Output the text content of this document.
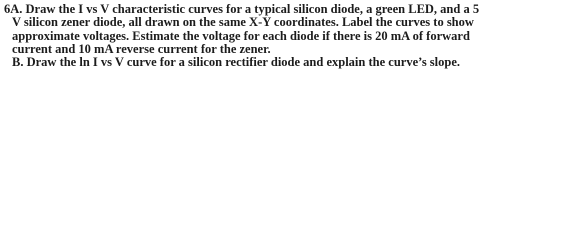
6A. Draw the I vs V characteristic curves for a typical silicon diode, a green LED, and a 5
V silicon zener diode, all drawn on the same X-Y coordinates. Label the curves to show
approximate voltages. Estimate the voltage for each diode if there is 20 mA of forward
current and 10 mA reverse current for the zener.
B. Draw the ln I vs V curve for a silicon rectifier diode and explain the curve’s slope.
